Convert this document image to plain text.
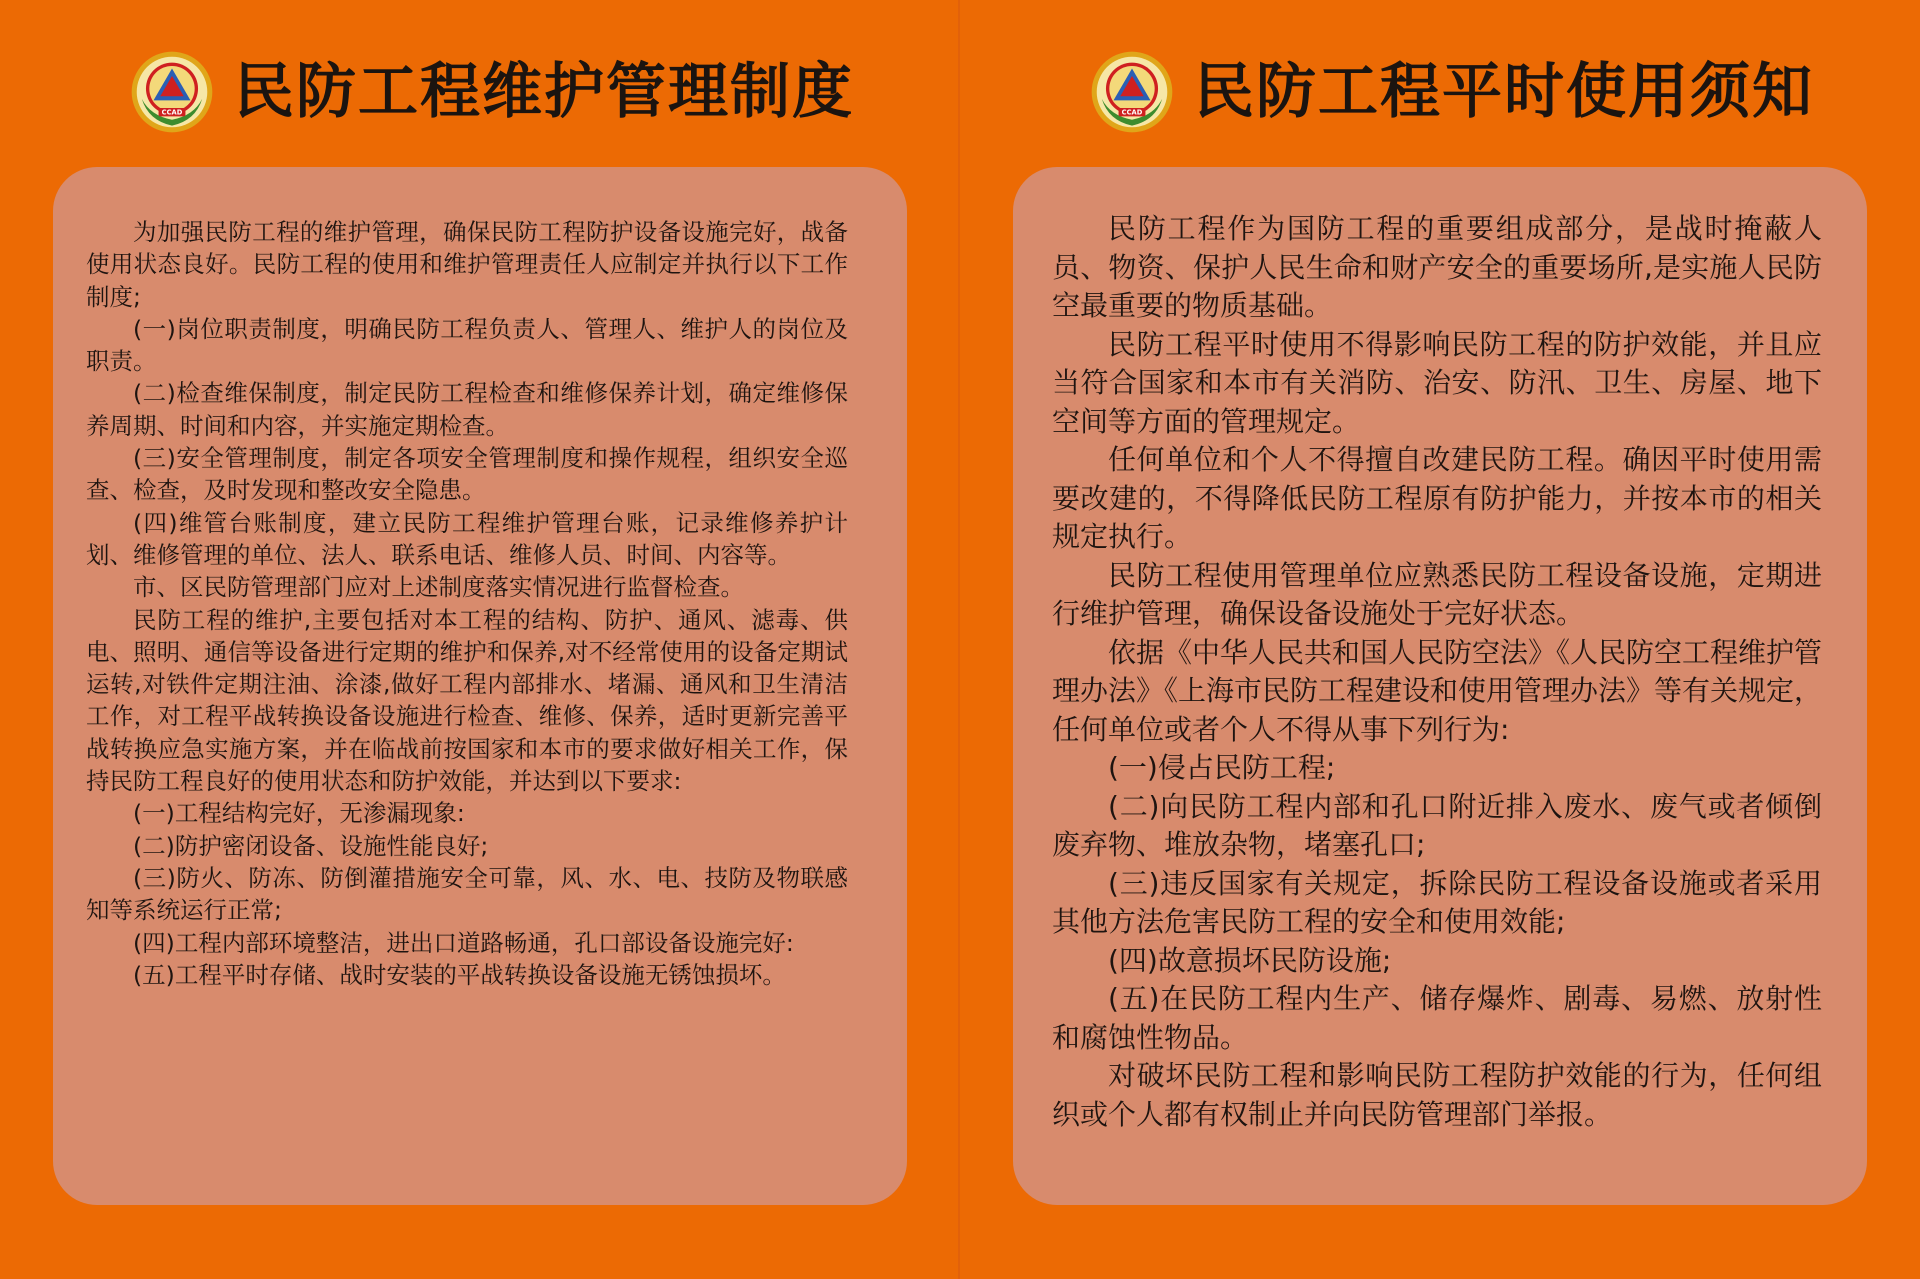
CCAD 民防工程维护管理制度

为加强民防工程的维护管理，确保民防工程防护设备设施完好，战备使用状态良好。民防工程的使用和维护管理责任人应制定并执行以下工作制度;

(一)岗位职责制度，明确民防工程负责人、管理人、维护人的岗位及职责。

(二)检查维保制度，制定民防工程检查和维修保养计划，确定维修保养周期、时间和内容，并实施定期检查。

(三)安全管理制度，制定各项安全管理制度和操作规程，组织安全巡查、检查，及时发现和整改安全隐患。

(四)维管台账制度，建立民防工程维护管理台账，记录维修养护计划、维修管理的单位、法人、联系电话、维修人员、时间、内容等。

市、区民防管理部门应对上述制度落实情况进行监督检查。

民防工程的维护,主要包括对本工程的结构、防护、通风、滤毒、供电、照明、通信等设备进行定期的维护和保养,对不经常使用的设备定期试运转,对铁件定期注油、涂漆,做好工程内部排水、堵漏、通风和卫生清洁工作，对工程平战转换设备设施进行检查、维修、保养，适时更新完善平战转换应急实施方案，并在临战前按国家和本市的要求做好相关工作，保持民防工程良好的使用状态和防护效能，并达到以下要求:

(一)工程结构完好，无渗漏现象:

(二)防护密闭设备、设施性能良好;

(三)防火、防冻、防倒灌措施安全可靠，风、水、电、技防及物联感知等系统运行正常;

(四)工程内部环境整洁，进出口道路畅通，孔口部设备设施完好:

(五)工程平时存储、战时安装的平战转换设备设施无锈蚀损坏。

CCAD 民防工程平时使用须知

民防工程作为国防工程的重要组成部分，是战时掩蔽人员、物资、保护人民生命和财产安全的重要场所,是实施人民防空最重要的物质基础。

民防工程平时使用不得影响民防工程的防护效能，并且应当符合国家和本市有关消防、治安、防汛、卫生、房屋、地下空间等方面的管理规定。

任何单位和个人不得擅自改建民防工程。确因平时使用需要改建的，不得降低民防工程原有防护能力，并按本市的相关规定执行。

民防工程使用管理单位应熟悉民防工程设备设施，定期进行维护管理，确保设备设施处于完好状态。

依据《中华人民共和国人民防空法》《人民防空工程维护管理办法》《上海市民防工程建设和使用管理办法》等有关规定，任何单位或者个人不得从事下列行为:

(一)侵占民防工程;

(二)向民防工程内部和孔口附近排入废水、废气或者倾倒废弃物、堆放杂物，堵塞孔口;

(三)违反国家有关规定，拆除民防工程设备设施或者采用其他方法危害民防工程的安全和使用效能;

(四)故意损坏民防设施;

(五)在民防工程内生产、储存爆炸、剧毒、易燃、放射性和腐蚀性物品。

对破坏民防工程和影响民防工程防护效能的行为，任何组织或个人都有权制止并向民防管理部门举报。
